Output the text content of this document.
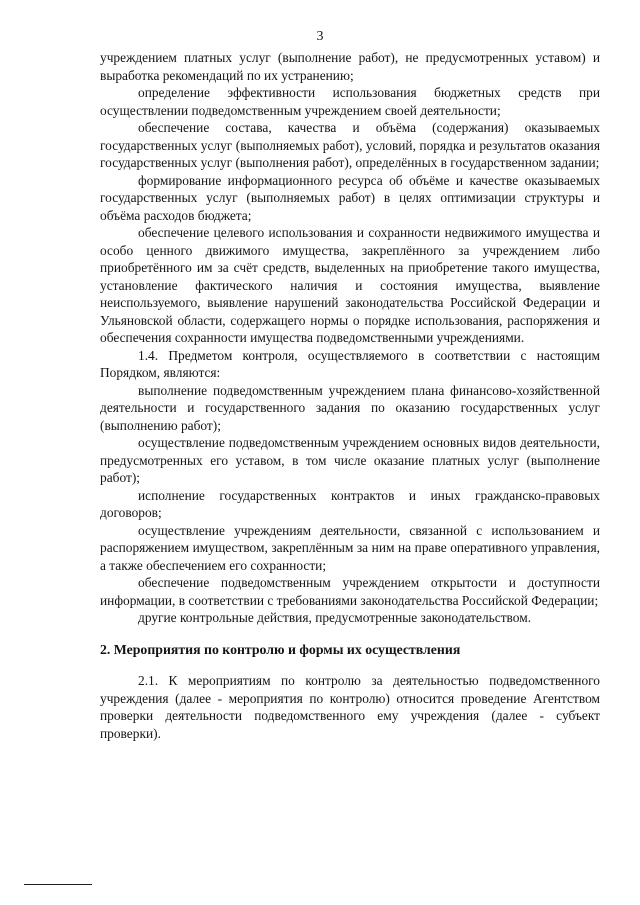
3

учреждением платных услуг (выполнение работ), не предусмотренных уставом) и выработка рекомендаций по их устранению;

определение эффективности использования бюджетных средств при осуществлении подведомственным учреждением своей деятельности;

обеспечение состава, качества и объёма (содержания) оказываемых государственных услуг (выполняемых работ), условий, порядка и результатов оказания государственных услуг (выполнения работ), определённых в государственном задании;

формирование информационного ресурса об объёме и качестве оказываемых государственных услуг (выполняемых работ) в целях оптимизации структуры и объёма расходов бюджета;

обеспечение целевого использования и сохранности недвижимого имущества и особо ценного движимого имущества, закреплённого за учреждением либо приобретённого им за счёт средств, выделенных на приобретение такого имущества, установление фактического наличия и состояния имущества, выявление неиспользуемого, выявление нарушений законодательства Российской Федерации и Ульяновской области, содержащего нормы о порядке использования, распоряжения и обеспечения сохранности имущества подведомственными учреждениями.

1.4. Предметом контроля, осуществляемого в соответствии с настоящим Порядком, являются:

выполнение подведомственным учреждением плана финансово-хозяйственной деятельности и государственного задания по оказанию государственных услуг (выполнению работ);

осуществление подведомственным учреждением основных видов деятельности, предусмотренных его уставом, в том числе оказание платных услуг (выполнение работ);

исполнение государственных контрактов и иных гражданско-правовых договоров;

осуществление учреждениям деятельности, связанной с использованием и распоряжением имуществом, закреплённым за ним на праве оперативного управления, а также обеспечением его сохранности;

обеспечение подведомственным учреждением открытости и доступности информации, в соответствии с требованиями законодательства Российской Федерации;

другие контрольные действия, предусмотренные законодательством.

2. Мероприятия по контролю и формы их осуществления

2.1. К мероприятиям по контролю за деятельностью подведомственного учреждения (далее - мероприятия по контролю) относится проведение Агентством проверки деятельности подведомственного ему учреждения (далее - субъект проверки).
